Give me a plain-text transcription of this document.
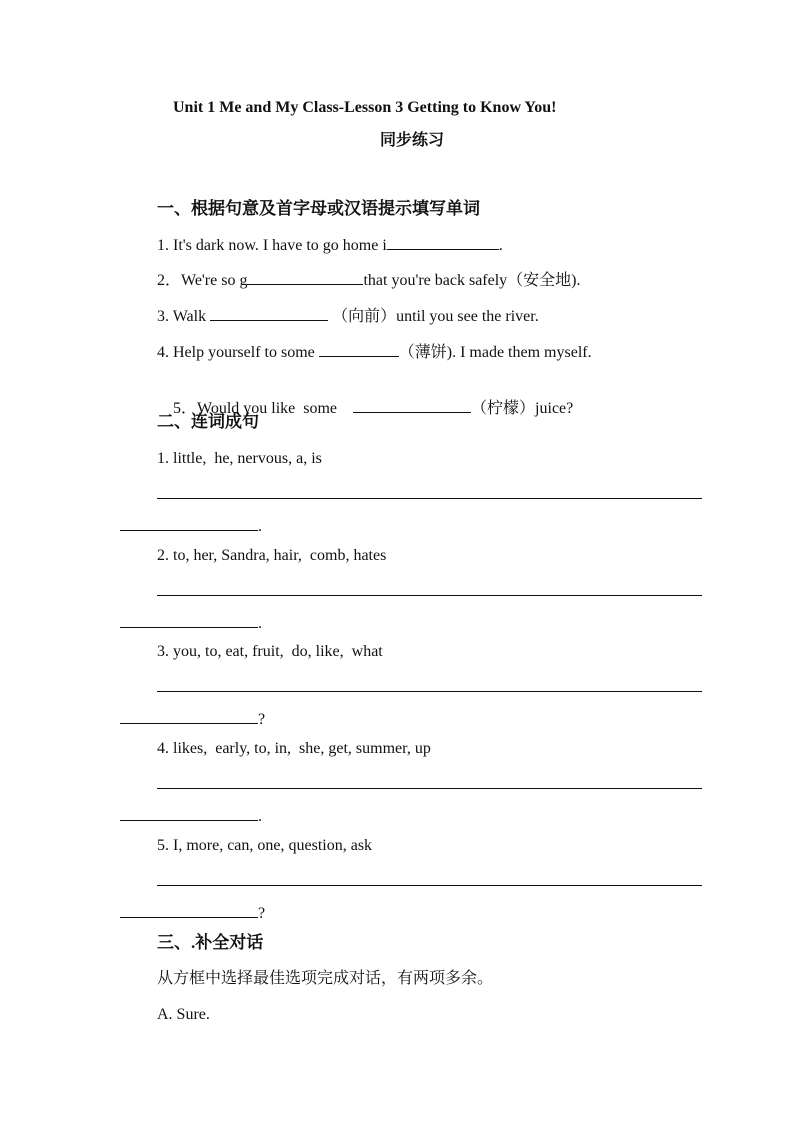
Unit 1 Me and My Class-Lesson 3 Getting to Know You!
同步练习
一、根据句意及首字母或汉语提示填写单词
1. It's dark now. I have to go home i	.
2．We're so g	that you're back safely（安全地).
3. Walk	（向前）until you see the river.
4. Help yourself to some	（薄饼). I made them myself.

5．Would you like  some	（柠檬）juice?

二、连词成句
1. little,  he, nervous, a, is
.
2. to, her, Sandra, hair,  comb, hates
.
3. you, to, eat, fruit,  do, like,  what
?
4. likes,  early, to, in,  she, get, summer, up
.
5. I, more, can, one, question, ask
?
三、.补全对话
从方框中选择最佳选项完成对话，有两项多余。
A. Sure.
